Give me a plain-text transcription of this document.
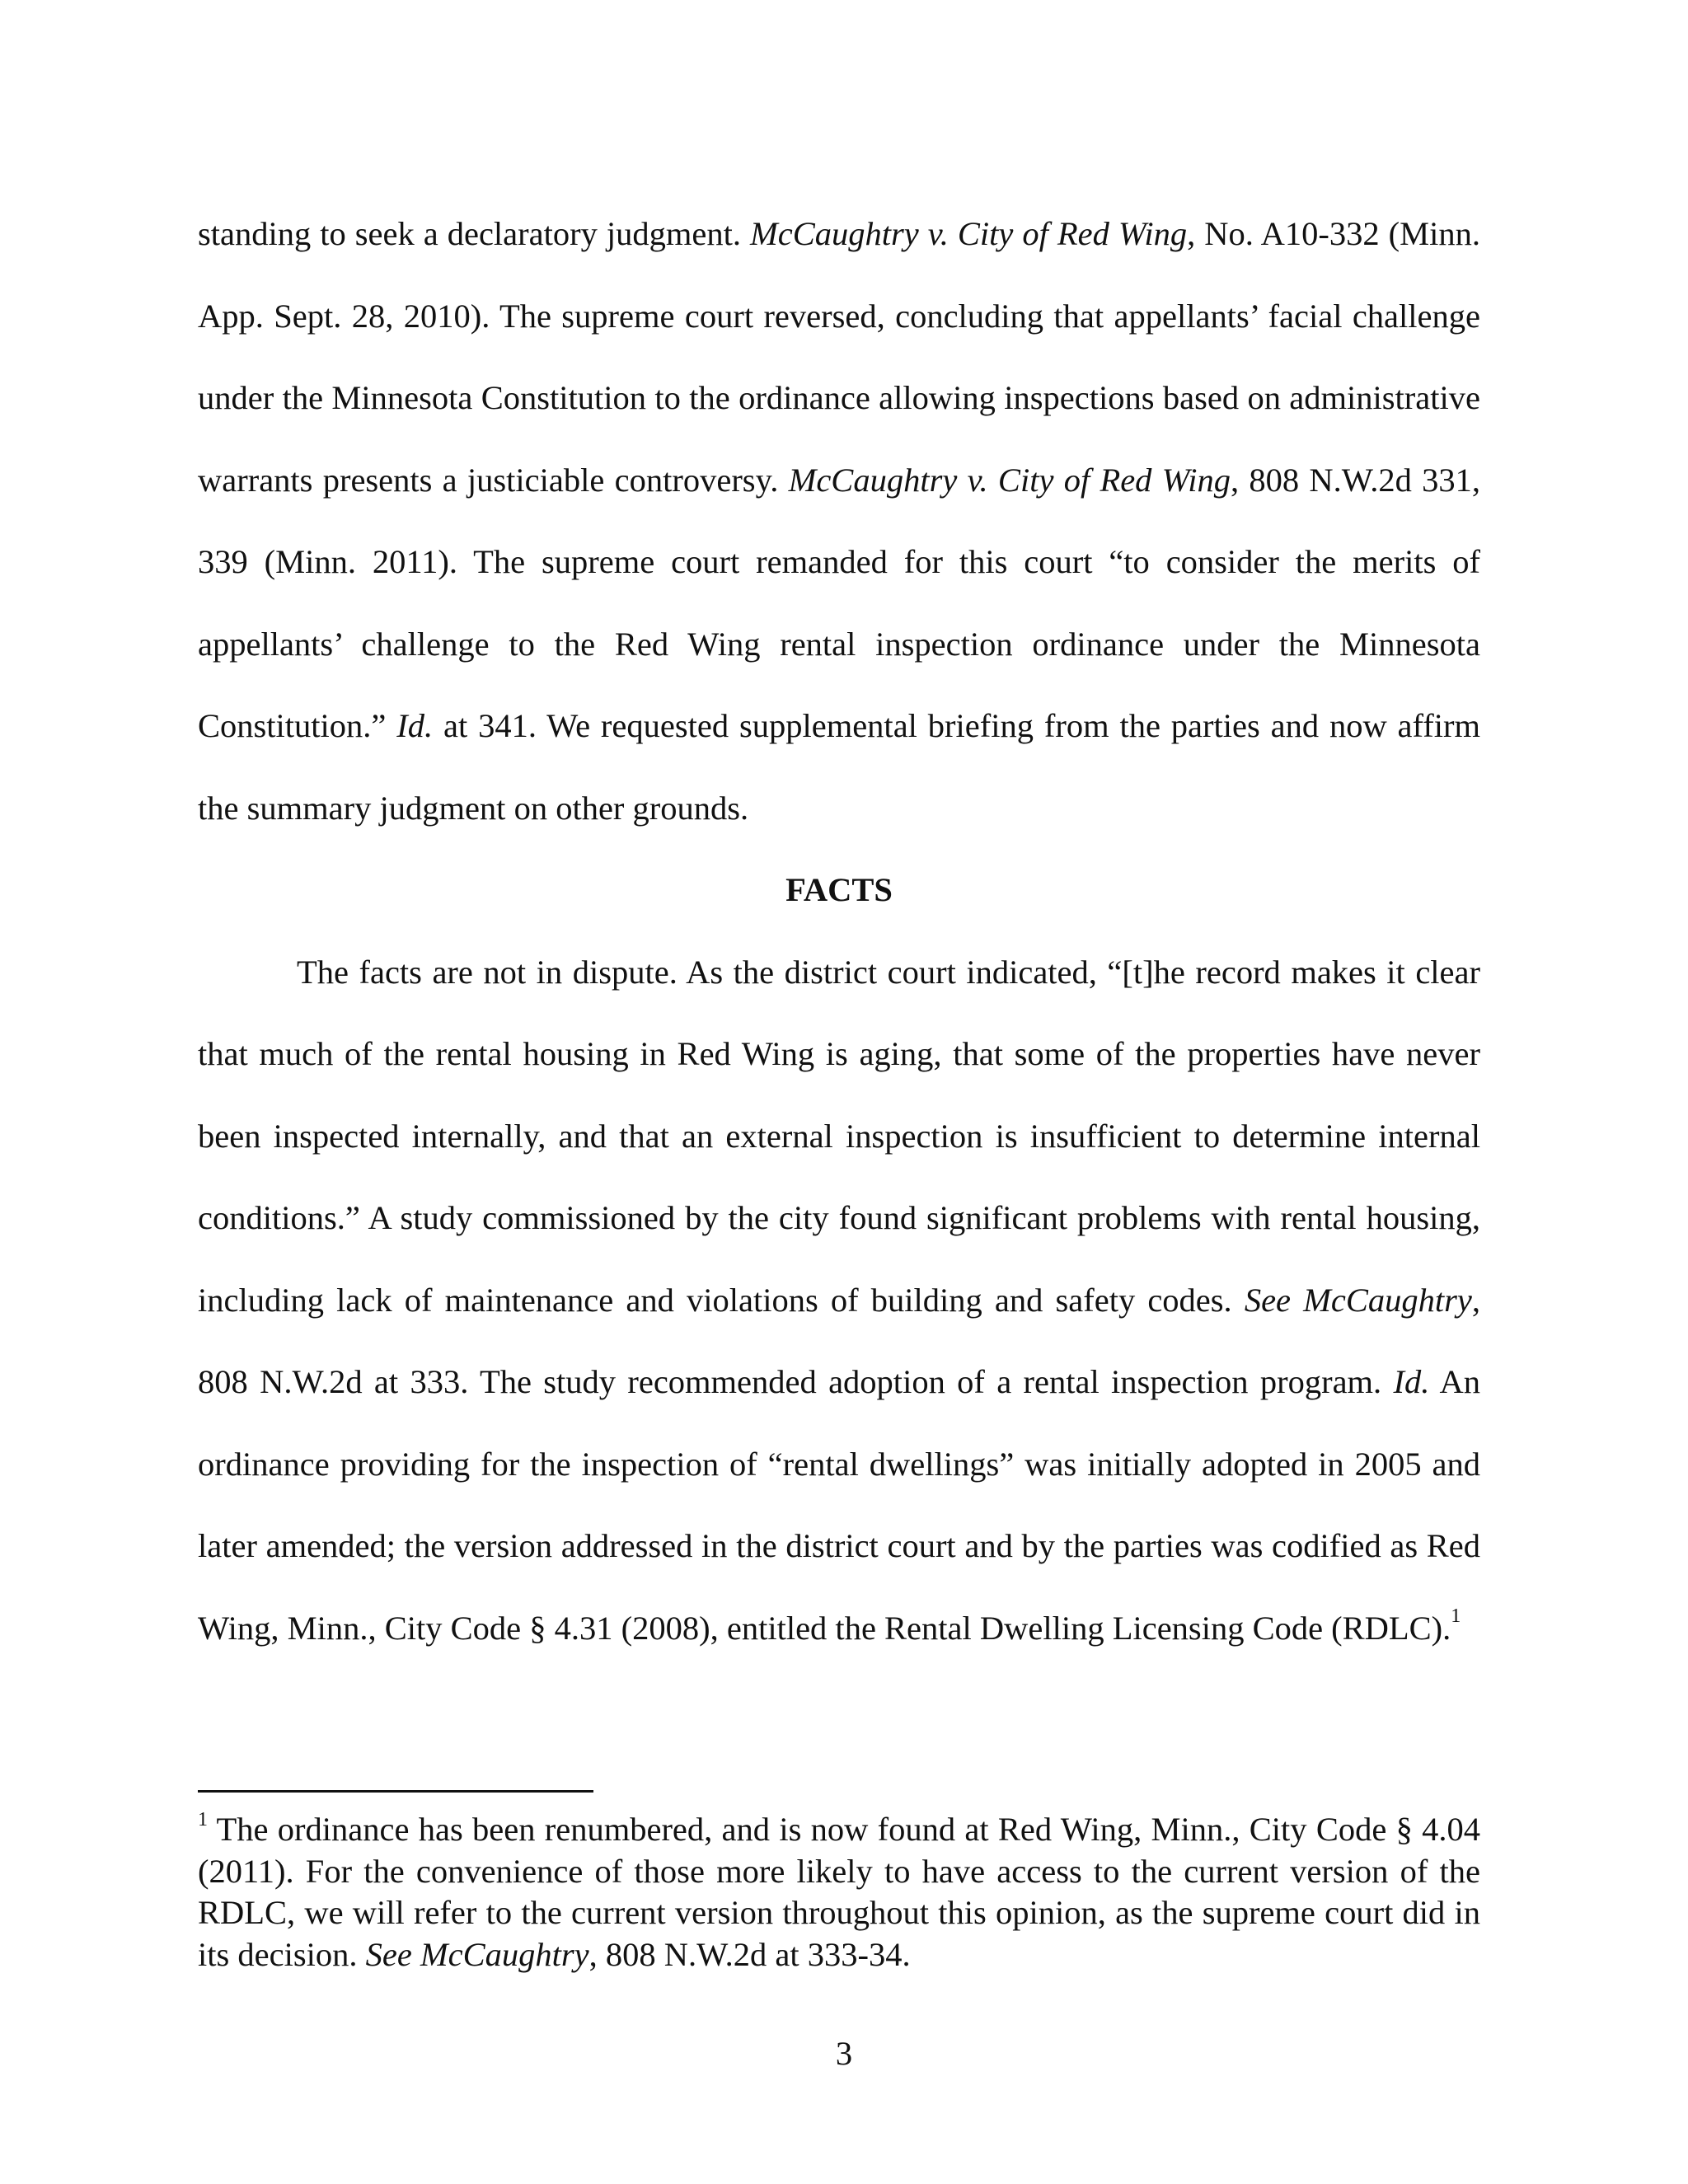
standing to seek a declaratory judgment. McCaughtry v. City of Red Wing, No. A10-332 (Minn. App. Sept. 28, 2010). The supreme court reversed, concluding that appellants’ facial challenge under the Minnesota Constitution to the ordinance allowing inspections based on administrative warrants presents a justiciable controversy. McCaughtry v. City of Red Wing, 808 N.W.2d 331, 339 (Minn. 2011). The supreme court remanded for this court “to consider the merits of appellants’ challenge to the Red Wing rental inspection ordinance under the Minnesota Constitution.” Id. at 341. We requested supplemental briefing from the parties and now affirm the summary judgment on other grounds.

FACTS

The facts are not in dispute. As the district court indicated, “[t]he record makes it clear that much of the rental housing in Red Wing is aging, that some of the properties have never been inspected internally, and that an external inspection is insufficient to determine internal conditions.” A study commissioned by the city found significant problems with rental housing, including lack of maintenance and violations of building and safety codes. See McCaughtry, 808 N.W.2d at 333. The study recommended adoption of a rental inspection program. Id. An ordinance providing for the inspection of “rental dwellings” was initially adopted in 2005 and later amended; the version addressed in the district court and by the parties was codified as Red Wing, Minn., City Code § 4.31 (2008), entitled the Rental Dwelling Licensing Code (RDLC).$^1$

$^1$ The ordinance has been renumbered, and is now found at Red Wing, Minn., City Code § 4.04 (2011). For the convenience of those more likely to have access to the current version of the RDLC, we will refer to the current version throughout this opinion, as the supreme court did in its decision. See McCaughtry, 808 N.W.2d at 333-34.

3
